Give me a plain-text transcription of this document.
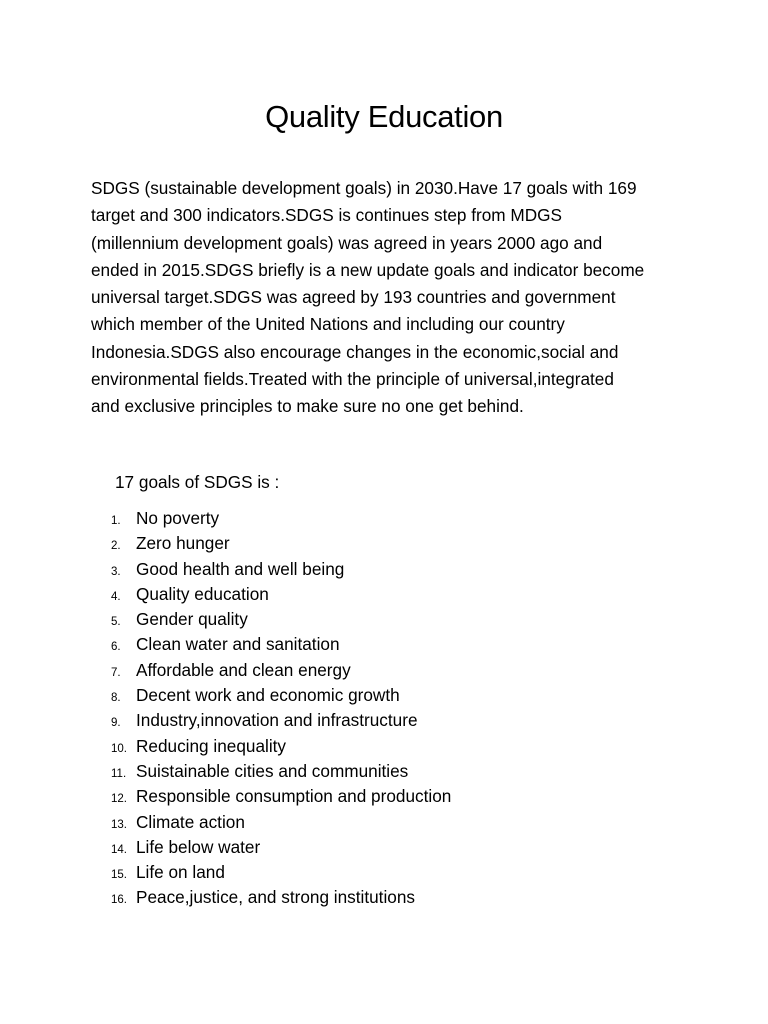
Quality Education
SDGS (sustainable development goals) in 2030.Have 17 goals with 169
target and 300 indicators.SDGS is continues step from MDGS
(millennium development goals) was agreed in years 2000 ago and
ended in 2015.SDGS briefly is a new update goals and indicator become
universal target.SDGS was agreed by 193 countries and government
which member of the United Nations and including our country
Indonesia.SDGS also encourage changes in the economic,social and
environmental fields.Treated with the principle of universal,integrated
and exclusive principles to make sure no one get behind.
17 goals of SDGS is :
1. No poverty
2. Zero hunger
3. Good health and well being
4. Quality education
5. Gender quality
6. Clean water and sanitation
7. Affordable and clean energy
8. Decent work and economic growth
9. Industry,innovation and infrastructure
10. Reducing inequality
11. Suistainable cities and communities
12. Responsible consumption and production
13. Climate action
14. Life below water
15. Life on land
16. Peace,justice, and strong institutions
